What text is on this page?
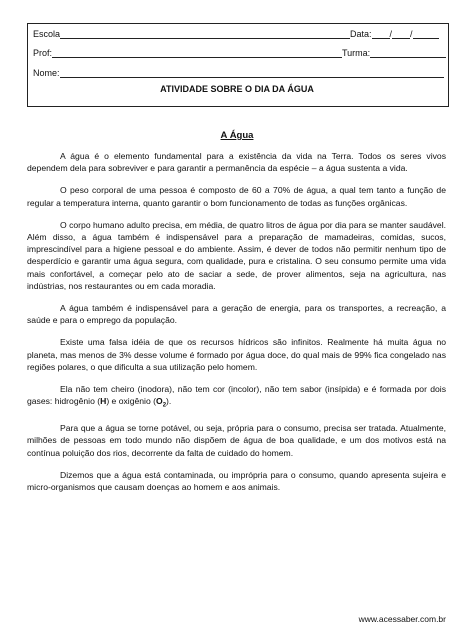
Escola	Data: / /
Prof:	Turma:
Nome:
ATIVIDADE SOBRE O DIA DA ÁGUA
A Água

A água é o elemento fundamental para a existência da vida na Terra. Todos os seres vivos dependem dela para sobreviver e para garantir a permanência da espécie – a água sustenta a vida.

O peso corporal de uma pessoa é composto de 60 a 70% de água, a qual tem tanto a função de regular a temperatura interna, quanto garantir o bom funcionamento de todas as funções orgânicas.

O corpo humano adulto precisa, em média, de quatro litros de água por dia para se manter saudável. Além disso, a água também é indispensável para a preparação de mamadeiras, comidas, sucos, imprescindível para a higiene pessoal e do ambiente. Assim, é dever de todos não permitir nenhum tipo de desperdício e garantir uma água segura, com qualidade, pura e cristalina. O seu consumo permite uma vida mais confortável, a começar pelo ato de saciar a sede, de prover alimentos, seja na agricultura, nas indústrias, nos restaurantes ou em cada moradia.

A água também é indispensável para a geração de energia, para os transportes, a recreação, a saúde e para o emprego da população.

Existe uma falsa idéia de que os recursos hídricos são infinitos. Realmente há muita água no planeta, mas menos de 3% desse volume é formado por água doce, do qual mais de 99% fica congelado nas regiões polares, o que dificulta a sua utilização pelo homem.

Ela não tem cheiro (inodora), não tem cor (incolor), não tem sabor (insípida) e é formada por dois gases: hidrogênio (H) e oxigênio $(O_2)$.

Para que a água se torne potável, ou seja, própria para o consumo, precisa ser tratada. Atualmente, milhões de pessoas em todo mundo não dispõem de água de boa qualidade, e um dos motivos está na contínua poluição dos rios, decorrente da falta de cuidado do homem.

Dizemos que a água está contaminada, ou imprópria para o consumo, quando apresenta sujeira e micro-organismos que causam doenças ao homem e aos animais.

www.acessaber.com.br
